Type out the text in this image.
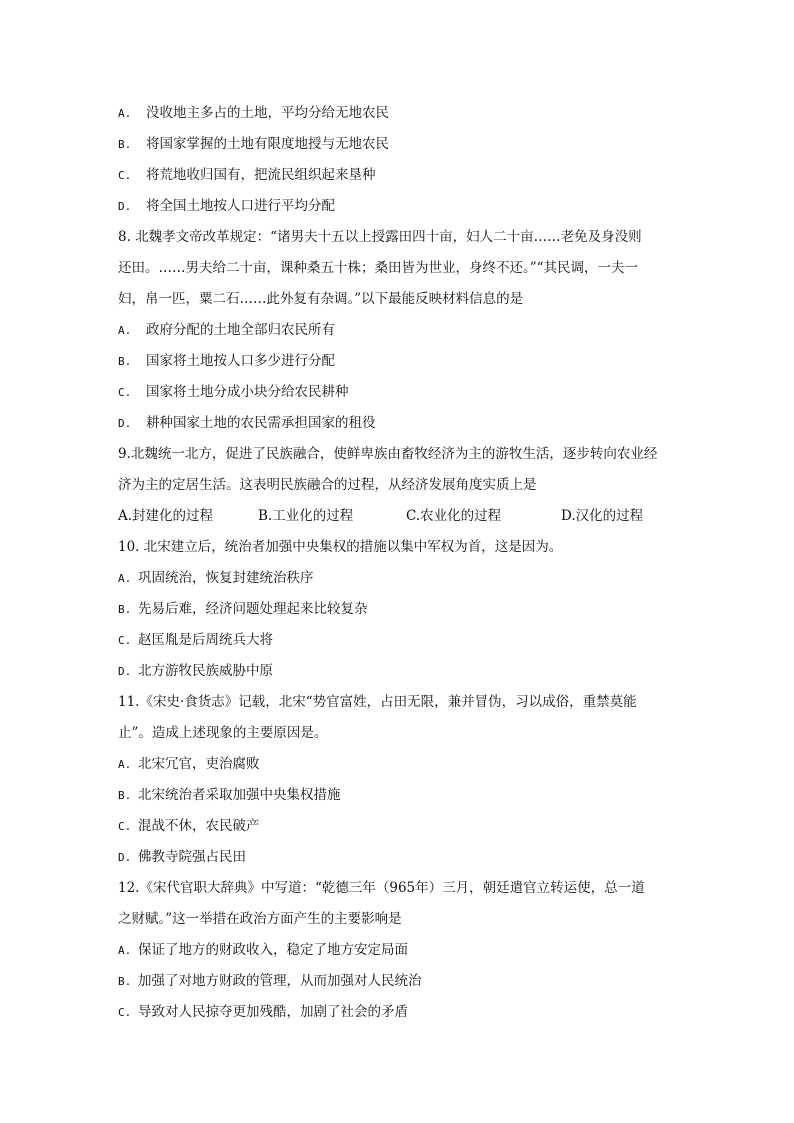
A. 没收地主多占的土地，平均分给无地农民
B. 将国家掌握的土地有限度地授与无地农民
C. 将荒地收归国有，把流民组织起来垦种
D. 将全国土地按人口进行平均分配
8. 北魏孝文帝改革规定：“诸男夫十五以上授露田四十亩，妇人二十亩……老免及身没则
还田。……男夫给二十亩，课种桑五十株；桑田皆为世业，身终不还。”“其民调，一夫一
妇，帛一匹，粟二石……此外复有杂调。”以下最能反映材料信息的是
A. 政府分配的土地全部归农民所有
B. 国家将土地按人口多少进行分配
C. 国家将土地分成小块分给农民耕种
D. 耕种国家土地的农民需承担国家的租役
9.北魏统一北方，促进了民族融合，使鲜卑族由畜牧经济为主的游牧生活，逐步转向农业经
济为主的定居生活。这表明民族融合的过程，从经济发展角度实质上是
A.封建化的过程	B.工业化的过程	C.农业化的过程	D.汉化的过程
10. 北宋建立后，统治者加强中央集权的措施以集中军权为首，这是因为。
A. 巩固统治，恢复封建统治秩序
B. 先易后难，经济问题处理起来比较复杂
C. 赵匡胤是后周统兵大将
D. 北方游牧民族威胁中原
11.《宋史·食货志》记载，北宋“势官富姓，占田无限，兼并冒伪，习以成俗，重禁莫能
止”。造成上述现象的主要原因是。
A. 北宋冗官，吏治腐败
B. 北宋统治者采取加强中央集权措施
C. 混战不休，农民破产
D. 佛教寺院强占民田
12.《宋代官职大辞典》中写道：“乾德三年（965年）三月，朝廷遣官立转运使，总一道
之财赋。”这一举措在政治方面产生的主要影响是
A. 保证了地方的财政收入，稳定了地方安定局面
B. 加强了对地方财政的管理，从而加强对人民统治
C. 导致对人民掠夺更加残酷，加剧了社会的矛盾
